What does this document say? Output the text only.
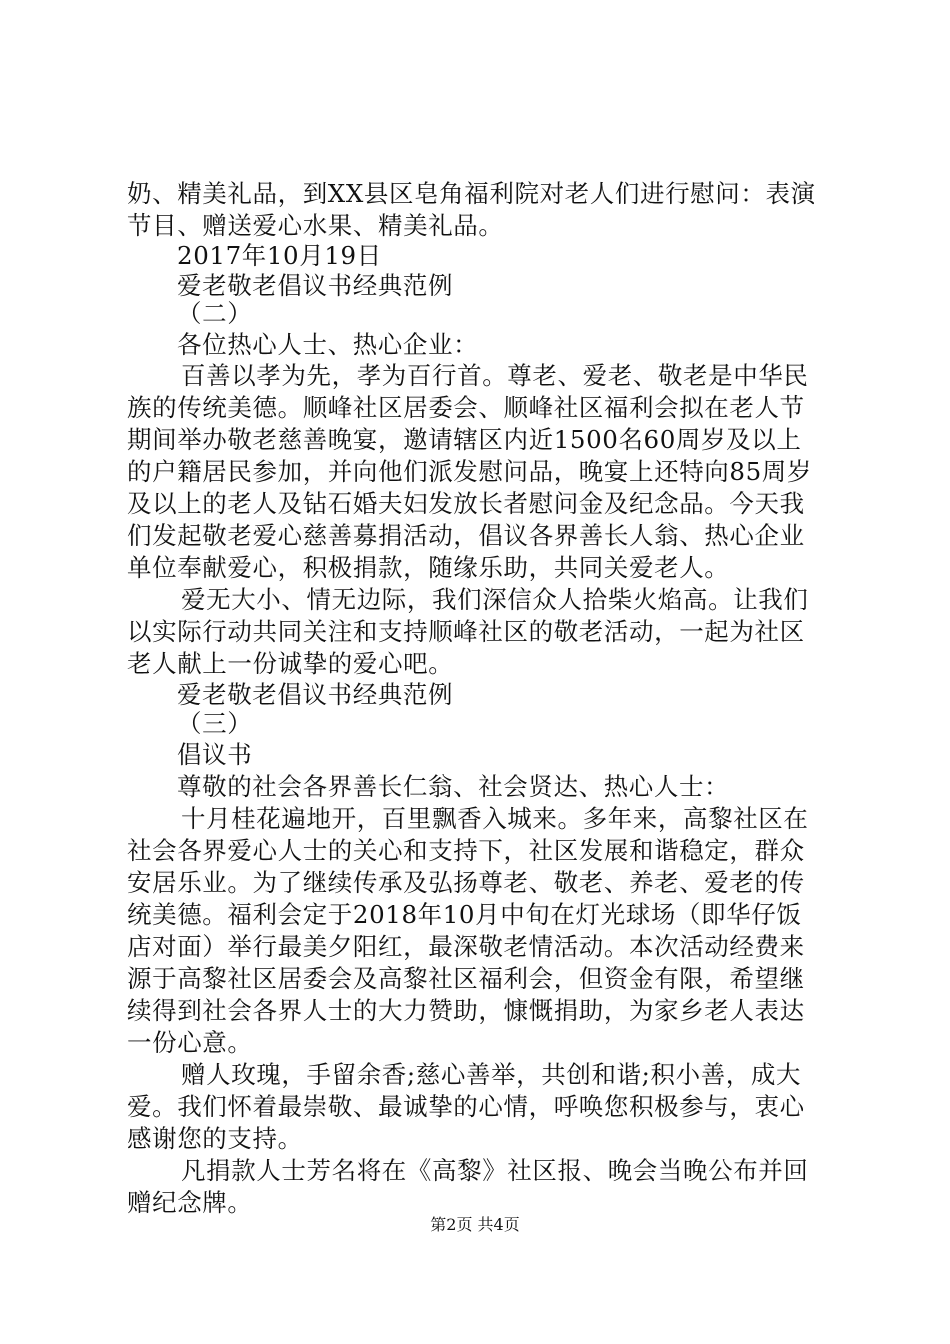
奶、精美礼品，到XX县区皂角福利院对老人们进行慰问：表演
节目、赠送爱心水果、精美礼品。
2017年10月19日
爱老敬老倡议书经典范例
（二）
各位热心人士、热心企业：
百善以孝为先，孝为百行首。尊老、爱老、敬老是中华民
族的传统美德。顺峰社区居委会、顺峰社区福利会拟在老人节
期间举办敬老慈善晚宴，邀请辖区内近1500名60周岁及以上
的户籍居民参加，并向他们派发慰问品，晚宴上还特向85周岁
及以上的老人及钻石婚夫妇发放长者慰问金及纪念品。今天我
们发起敬老爱心慈善募捐活动，倡议各界善长人翁、热心企业
单位奉献爱心，积极捐款，随缘乐助，共同关爱老人。
爱无大小、情无边际，我们深信众人拾柴火焰高。让我们
以实际行动共同关注和支持顺峰社区的敬老活动，一起为社区
老人献上一份诚挚的爱心吧。
爱老敬老倡议书经典范例
（三）
倡议书
尊敬的社会各界善长仁翁、社会贤达、热心人士：
十月桂花遍地开，百里飘香入城来。多年来，高黎社区在
社会各界爱心人士的关心和支持下，社区发展和谐稳定，群众
安居乐业。为了继续传承及弘扬尊老、敬老、养老、爱老的传
统美德。福利会定于2018年10月中旬在灯光球场（即华仔饭
店对面）举行最美夕阳红，最深敬老情活动。本次活动经费来
源于高黎社区居委会及高黎社区福利会，但资金有限，希望继
续得到社会各界人士的大力赞助，慷慨捐助，为家乡老人表达
一份心意。
赠人玫瑰，手留余香;慈心善举，共创和谐;积小善，成大
爱。我们怀着最崇敬、最诚挚的心情，呼唤您积极参与，衷心
感谢您的支持。
凡捐款人士芳名将在《高黎》社区报、晚会当晚公布并回
赠纪念牌。
第2页 共4页
